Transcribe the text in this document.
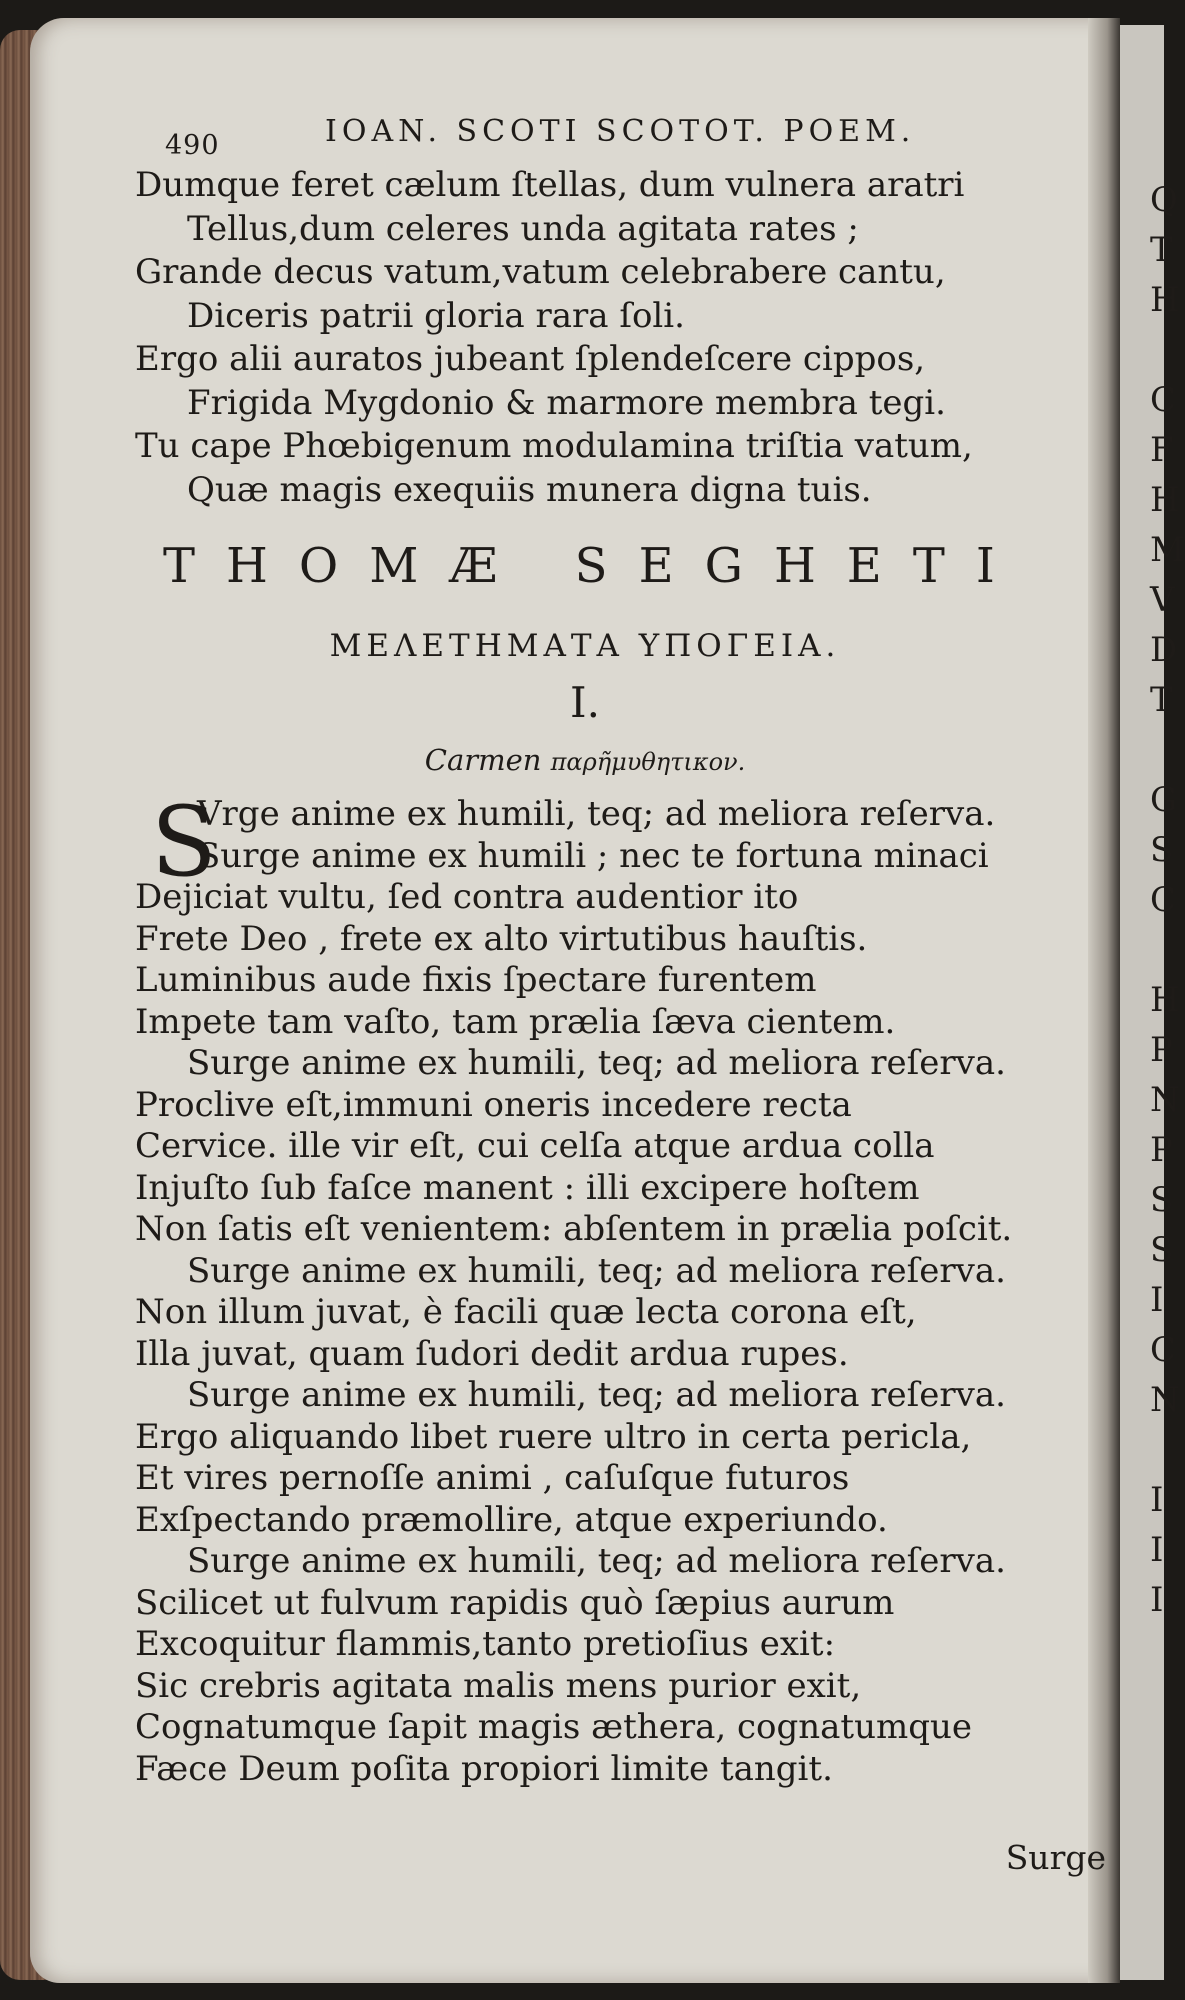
Q
T
H

C
F
H
M
V
D
T

G
S
C

H
P
N
P
S
S
I
C
N

I
I
I
490	IOAN. SCOTI SCOTOT. POEM.
Dumque feret cælum ſtellas, dum vulnera aratri
Tellus,dum celeres unda agitata rates ;
Grande decus vatum,vatum celebrabere cantu,
Diceris patrii gloria rara ſoli.
Ergo alii auratos jubeant ſplendeſcere cippos,
Frigida Mygdonio & marmore membra tegi.
Tu cape Phœbigenum modulamina triſtia vatum,
Quæ magis exequiis munera digna tuis.
THOMÆ SEGHETI
ΜΕΛΕΤΗΜΑΤΑ ΥΠΟΓΕΙΑ.
I.
Carmen παρῆμυθητικον.
S
Vrge anime ex humili, teq; ad meliora reſerva.
Surge anime ex humili ; nec te fortuna minaci
Dejiciat vultu, ſed contra audentior ito
Frete Deo , frete ex alto virtutibus hauſtis.
Luminibus aude fixis ſpectare furentem
Impete tam vaſto, tam prælia ſæva cientem.
Surge anime ex humili, teq; ad meliora reſerva.
Proclive eſt,immuni oneris incedere recta
Cervice. ille vir eſt, cui celſa atque ardua colla
Injuſto ſub faſce manent : illi excipere hoſtem
Non ſatis eſt venientem: abſentem in prælia poſcit.
Surge anime ex humili, teq; ad meliora reſerva.
Non illum juvat, è facili quæ lecta corona eſt,
Illa juvat, quam ſudori dedit ardua rupes.
Surge anime ex humili, teq; ad meliora reſerva.
Ergo aliquando libet ruere ultro in certa pericla,
Et vires pernoſſe animi , caſuſque futuros
Exſpectando præmollire, atque experiundo.
Surge anime ex humili, teq; ad meliora reſerva.
Scilicet ut fulvum rapidis quò ſæpius aurum
Excoquitur flammis,tanto pretioſius exit:
Sic crebris agitata malis mens purior exit,
Cognatumque ſapit magis æthera, cognatumque
Fæce Deum poſita propiori limite tangit.
Surge
